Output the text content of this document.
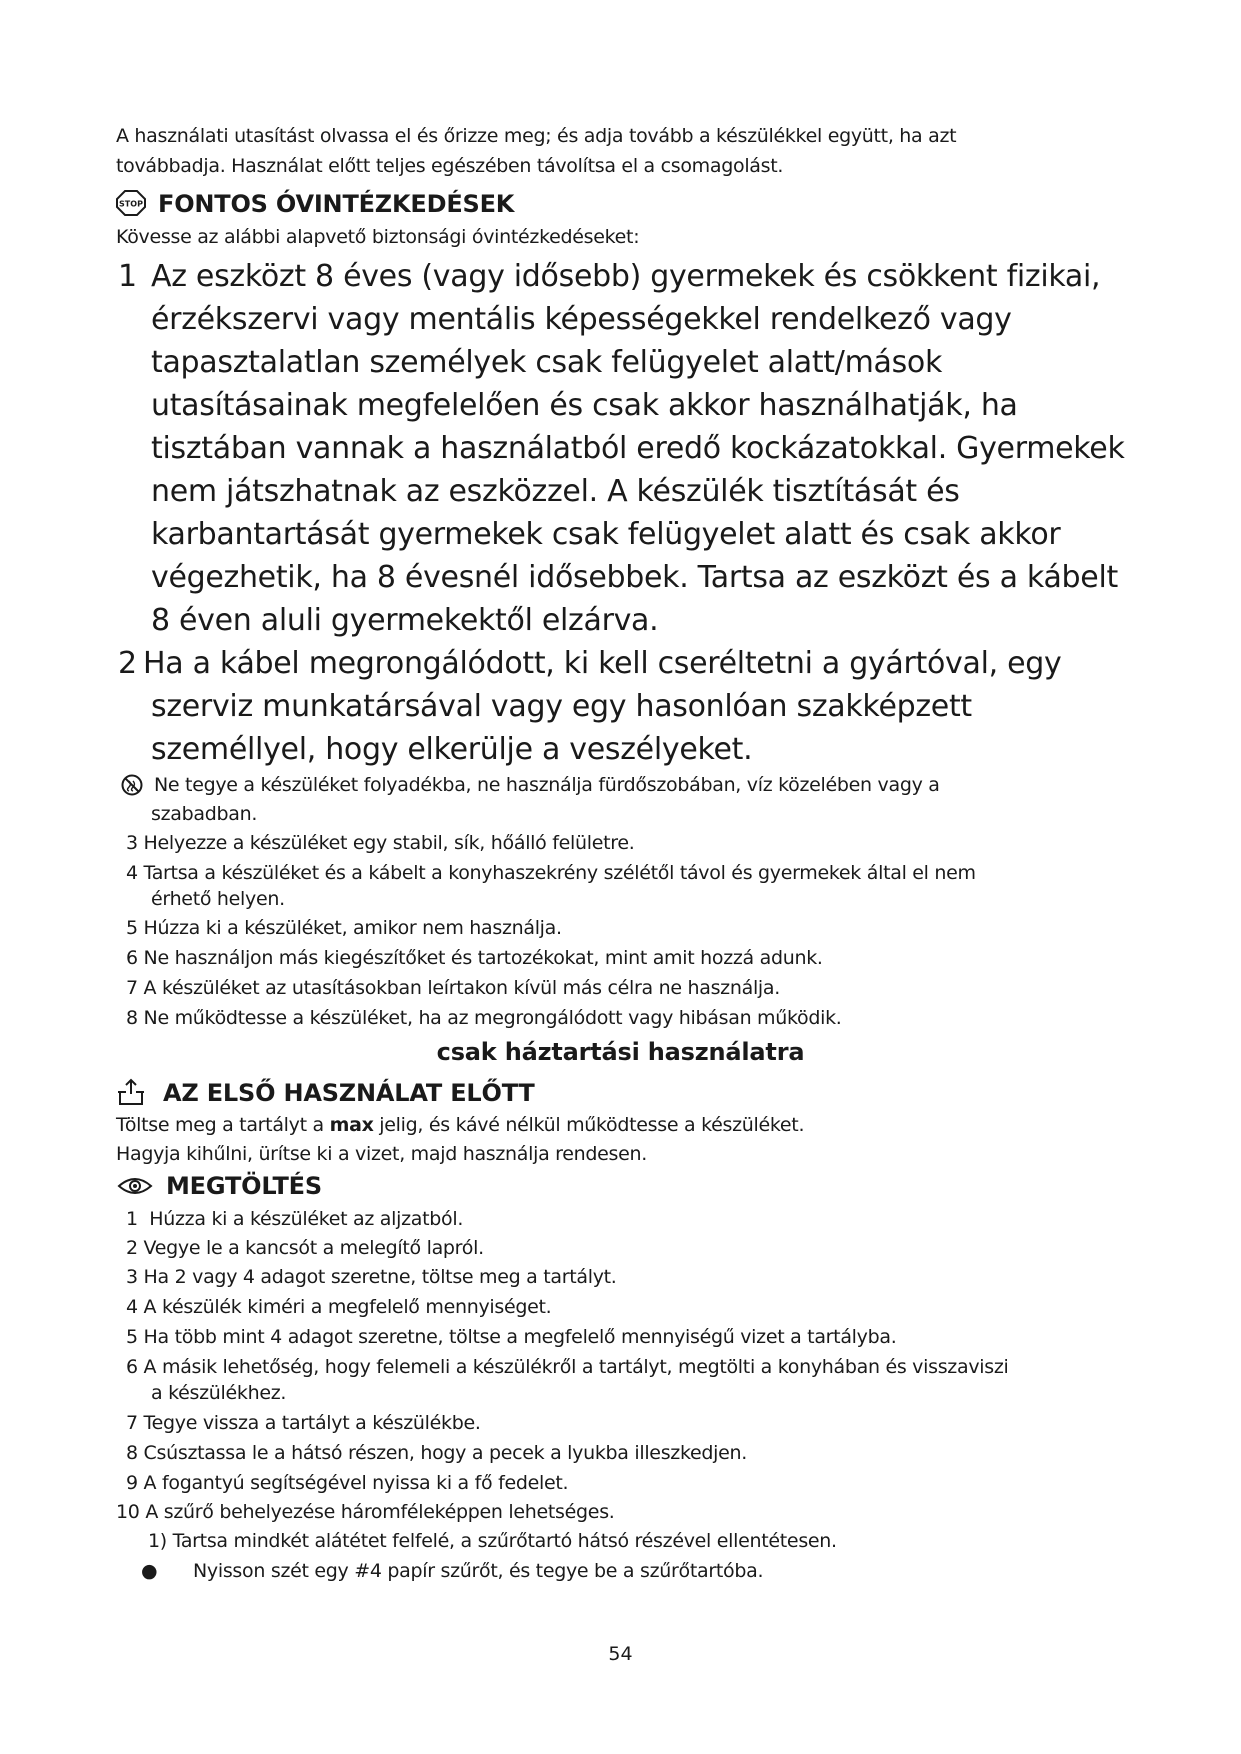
A használati utasítást olvassa el és őrizze meg; és adja tovább a készülékkel együtt, ha azt
továbbadja. Használat előtt teljes egészében távolítsa el a csomagolást.
STOP FONTOS ÓVINTÉZKEDÉSEK
Kövesse az alábbi alapvető biztonsági óvintézkedéseket:
1 Az eszközt 8 éves (vagy idősebb) gyermekek és csökkent fizikai,
érzékszervi vagy mentális képességekkel rendelkező vagy
tapasztalatlan személyek csak felügyelet alatt/mások
utasításainak megfelelően és csak akkor használhatják, ha
tisztában vannak a használatból eredő kockázatokkal. Gyermekek
nem játszhatnak az eszközzel. A készülék tisztítását és
karbantartását gyermekek csak felügyelet alatt és csak akkor
végezhetik, ha 8 évesnél idősebbek. Tartsa az eszközt és a kábelt
8 éven aluli gyermekektől elzárva.
2 Ha a kábel megrongálódott, ki kell cseréltetni a gyártóval, egy
szerviz munkatársával vagy egy hasonlóan szakképzett
személlyel, hogy elkerülje a veszélyeket.
Ne tegye a készüléket folyadékba, ne használja fürdőszobában, víz közelében vagy a
szabadban.
3 Helyezze a készüléket egy stabil, sík, hőálló felületre.
4 Tartsa a készüléket és a kábelt a konyhaszekrény szélétől távol és gyermekek által el nem
érhető helyen.
5 Húzza ki a készüléket, amikor nem használja.
6 Ne használjon más kiegészítőket és tartozékokat, mint amit hozzá adunk.
7 A készüléket az utasításokban leírtakon kívül más célra ne használja.
8 Ne működtesse a készüléket, ha az megrongálódott vagy hibásan működik.
csak háztartási használatra
AZ ELSŐ HASZNÁLAT ELŐTT
Töltse meg a tartályt a max jelig, és kávé nélkül működtesse a készüléket.
Hagyja kihűlni, ürítse ki a vizet, majd használja rendesen.
MEGTÖLTÉS
1 Húzza ki a készüléket az aljzatból.
2 Vegye le a kancsót a melegítő lapról.
3 Ha 2 vagy 4 adagot szeretne, töltse meg a tartályt.
4 A készülék kiméri a megfelelő mennyiséget.
5 Ha több mint 4 adagot szeretne, töltse a megfelelő mennyiségű vizet a tartályba.
6 A másik lehetőség, hogy felemeli a készülékről a tartályt, megtölti a konyhában és visszaviszi
a készülékhez.
7 Tegye vissza a tartályt a készülékbe.
8 Csúsztassa le a hátsó részen, hogy a pecek a lyukba illeszkedjen.
9 A fogantyú segítségével nyissa ki a fő fedelet.
10 A szűrő behelyezése háromféleképpen lehetséges.
1) Tartsa mindkét alátétet felfelé, a szűrőtartó hátsó részével ellentétesen.
● Nyisson szét egy #4 papír szűrőt, és tegye be a szűrőtartóba.
54
